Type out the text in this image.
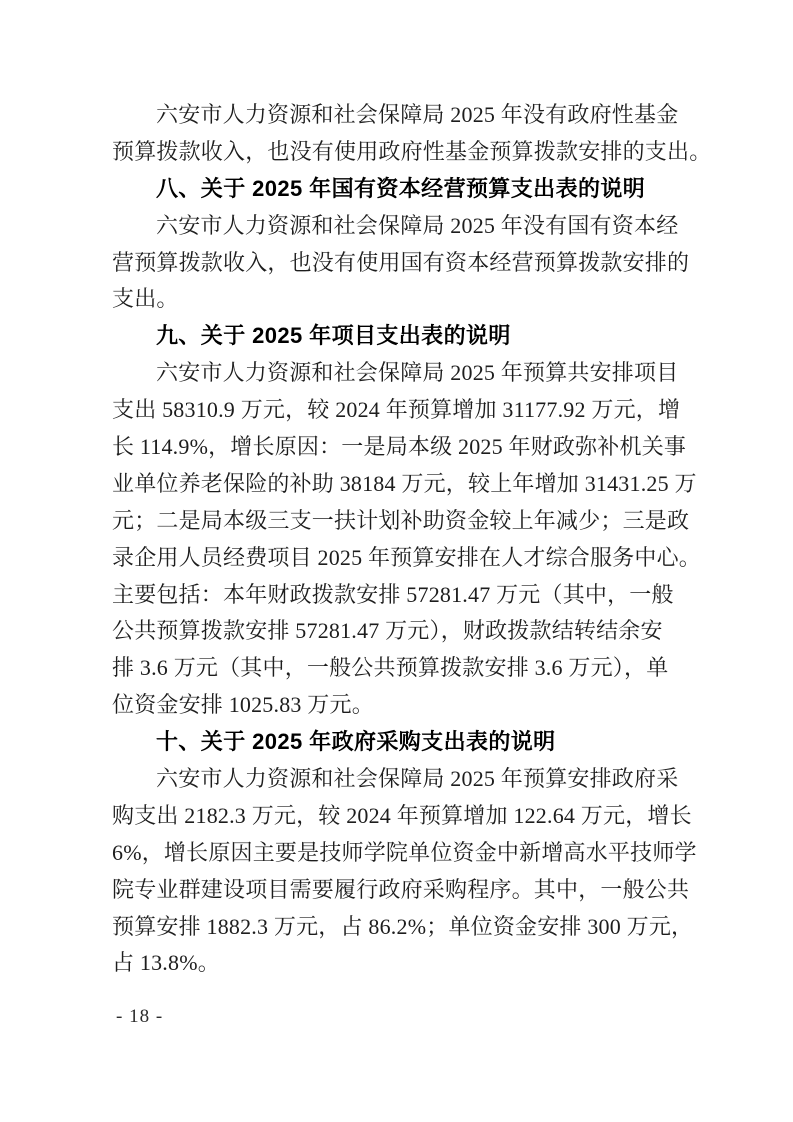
六安市人力资源和社会保障局 2025 年没有政府性基金
预算拨款收入，也没有使用政府性基金预算拨款安排的支出。
八、关于 2025 年国有资本经营预算支出表的说明
六安市人力资源和社会保障局 2025 年没有国有资本经
营预算拨款收入，也没有使用国有资本经营预算拨款安排的
支出。
九、关于 2025 年项目支出表的说明
六安市人力资源和社会保障局 2025 年预算共安排项目
支出 58310.9 万元，较 2024 年预算增加 31177.92 万元，增
长 114.9%，增长原因：一是局本级 2025 年财政弥补机关事
业单位养老保险的补助 38184 万元，较上年增加 31431.25 万
元；二是局本级三支一扶计划补助资金较上年减少；三是政
录企用人员经费项目 2025 年预算安排在人才综合服务中心。
主要包括：本年财政拨款安排 57281.47 万元（其中，一般
公共预算拨款安排 57281.47 万元），财政拨款结转结余安
排 3.6 万元（其中，一般公共预算拨款安排 3.6 万元），单
位资金安排 1025.83 万元。
十、关于 2025 年政府采购支出表的说明
六安市人力资源和社会保障局 2025 年预算安排政府采
购支出 2182.3 万元，较 2024 年预算增加 122.64 万元，增长
6%，增长原因主要是技师学院单位资金中新增高水平技师学
院专业群建设项目需要履行政府采购程序。其中，一般公共
预算安排 1882.3 万元，占 86.2%；单位资金安排 300 万元，
占 13.8%。
- 18 -
